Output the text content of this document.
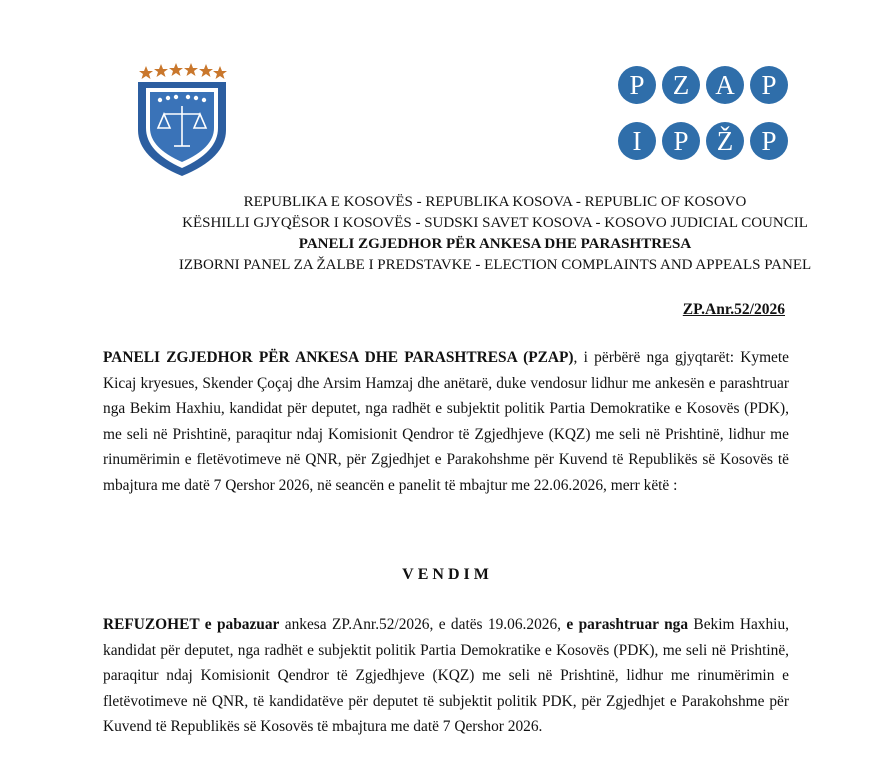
P	Z A P
I	P	Ž	P
REPUBLIKA E KOSOVËS - REPUBLIKA KOSOVA - REPUBLIC OF KOSOVO
KËSHILLI GJYQËSOR I KOSOVËS - SUDSKI SAVET KOSOVA - KOSOVO JUDICIAL COUNCIL
PANELI ZGJEDHOR PËR ANKESA DHE PARASHTRESA
IZBORNI PANEL ZA ŽALBE I PREDSTAVKE - ELECTION COMPLAINTS AND APPEALS PANEL
ZP.Anr.52/2026
PANELI ZGJEDHOR PËR ANKESA DHE PARASHTRESA (PZAP), i përbërë nga gjyqtarët: Kymete Kicaj kryesues, Skender Çoçaj dhe Arsim Hamzaj dhe anëtarë, duke vendosur lidhur me ankesën e parashtruar nga Bekim Haxhiu, kandidat për deputet, nga radhët e subjektit politik Partia Demokratike e Kosovës (PDK), me seli në Prishtinë, paraqitur ndaj Komisionit Qendror të Zgjedhjeve (KQZ) me seli në Prishtinë, lidhur me rinumërimin e fletëvotimeve në QNR, për Zgjedhjet e Parakohshme për Kuvend të Republikës së Kosovës të mbajtura me datë 7 Qershor 2026, në seancën e panelit të mbajtur me 22.06.2026, merr këtë :
VENDIM
REFUZOHET e pabazuar ankesa ZP.Anr.52/2026, e datës 19.06.2026, e parashtruar nga Bekim Haxhiu, kandidat për deputet, nga radhët e subjektit politik Partia Demokratike e Kosovës (PDK), me seli në Prishtinë, paraqitur ndaj Komisionit Qendror të Zgjedhjeve (KQZ) me seli në Prishtinë, lidhur me rinumërimin e fletëvotimeve në QNR, të kandidatëve për deputet të subjektit politik PDK, për Zgjedhjet e Parakohshme për Kuvend të Republikës së Kosovës të mbajtura me datë 7 Qershor 2026.
